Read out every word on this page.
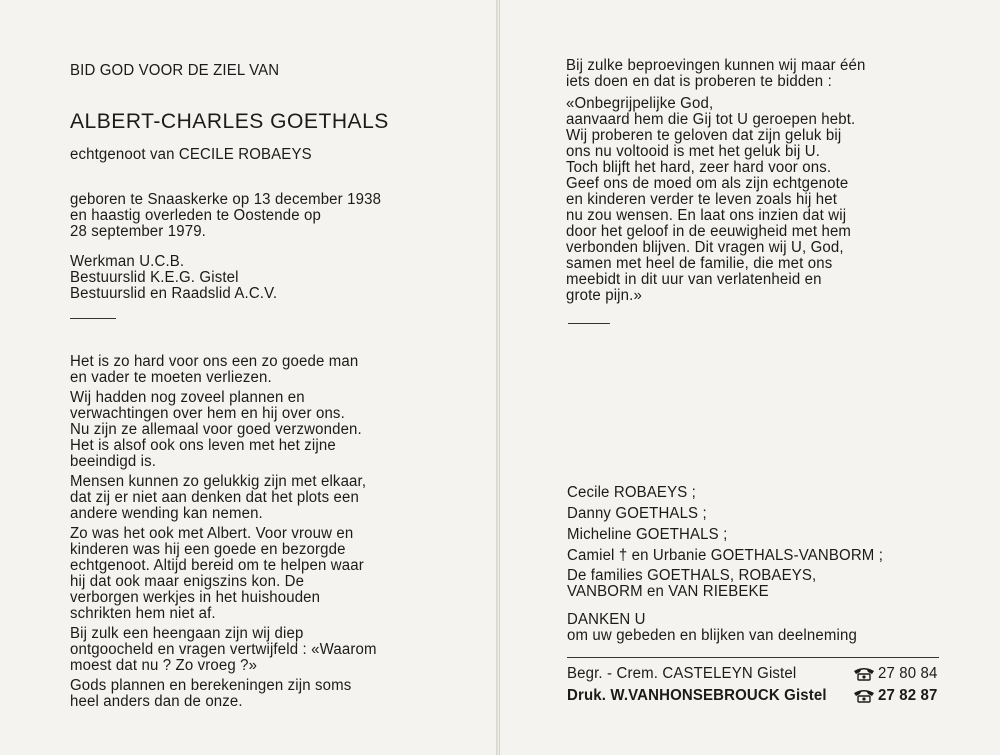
BID GOD VOOR DE ZIEL VAN
ALBERT-CHARLES GOETHALS
echtgenoot van CECILE ROBAEYS
geboren te Snaaskerke op 13 december 1938
en haastig overleden te Oostende op
28 september 1979.
Werkman U.C.B.
Bestuurslid K.E.G. Gistel
Bestuurslid en Raadslid A.C.V.
Het is zo hard voor ons een zo goede man
en vader te moeten verliezen.
Wij hadden nog zoveel plannen en
verwachtingen over hem en hij over ons.
Nu zijn ze allemaal voor goed verzwonden.
Het is alsof ook ons leven met het zijne
beeindigd is.
Mensen kunnen zo gelukkig zijn met elkaar,
dat zij er niet aan denken dat het plots een
andere wending kan nemen.
Zo was het ook met Albert. Voor vrouw en
kinderen was hij een goede en bezorgde
echtgenoot. Altijd bereid om te helpen waar
hij dat ook maar enigszins kon. De
verborgen werkjes in het huishouden
schrikten hem niet af.
Bij zulk een heengaan zijn wij diep
ontgoocheld en vragen vertwijfeld : «Waarom
moest dat nu ? Zo vroeg ?»
Gods plannen en berekeningen zijn soms
heel anders dan de onze.
Bij zulke beproevingen kunnen wij maar één
iets doen en dat is proberen te bidden :
«Onbegrijpelijke God,
aanvaard hem die Gij tot U geroepen hebt.
Wij proberen te geloven dat zijn geluk bij
ons nu voltooid is met het geluk bij U.
Toch blijft het hard, zeer hard voor ons.
Geef ons de moed om als zijn echtgenote
en kinderen verder te leven zoals hij het
nu zou wensen. En laat ons inzien dat wij
door het geloof in de eeuwigheid met hem
verbonden blijven. Dit vragen wij U, God,
samen met heel de familie, die met ons
meebidt in dit uur van verlatenheid en
grote pijn.»
Cecile ROBAEYS ;
Danny GOETHALS ;
Micheline GOETHALS ;
Camiel † en Urbanie GOETHALS-VANBORM ;
De families GOETHALS, ROBAEYS,
VANBORM en VAN RIEBEKE
DANKEN U
om uw gebeden en blijken van deelneming
Begr. - Crem. CASTELEYN Gistel	27 80 84
Druk. W.VANHONSEBROUCK Gistel	27 82 87
